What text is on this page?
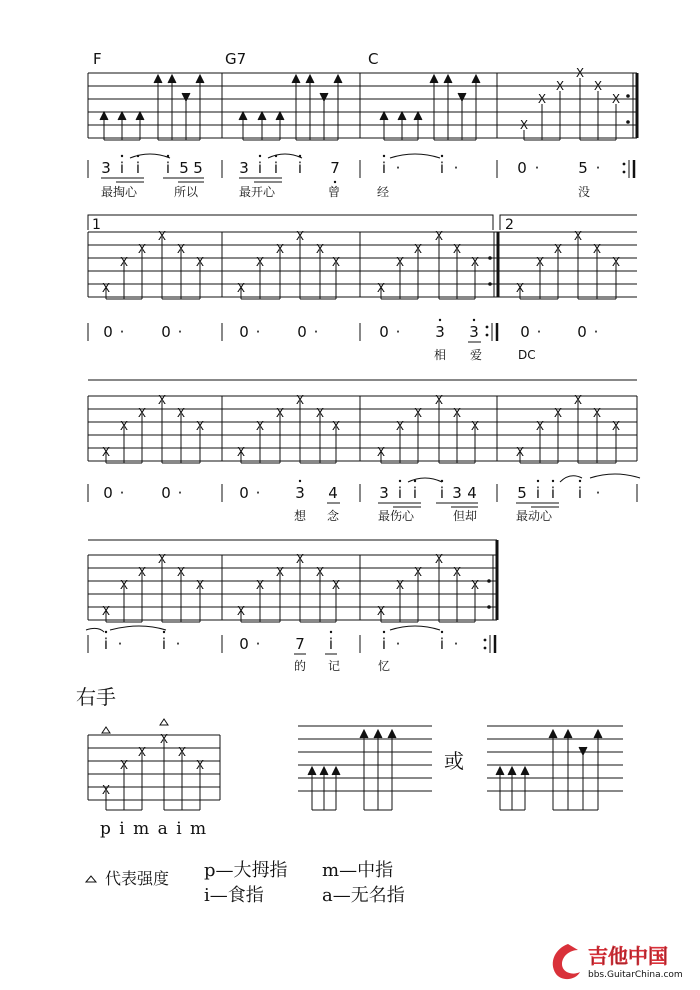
F	G7	C
X
X
X
X
X
X
3 i i i 5 5 3 i i i 7	i ·	i ·	0 ·	5 ·
最掏心	所以	最开心	曾	经	没
1	2
X
X
X
X
X
X
X
X
X
X
X
X
X
X
X
X
X
X
X
X
X
X
X
X
0 · 0 ·	0 · 0 ·	0 · 3 3	0 · 0 ·
相 爱	DC
X
X
X
X
X
X
X
X
X
X
X
X
X
X
X
X
X
X
X
X
X
X
X
X
0 · 0 ·	0 · 3 4	3 i i i 3 4	5 i i i ·
想 念	最伤心	但却	最动心
X
X
X
X
X
X
X
X
X
X
X
X
X
X
X
X
X
X
i ·	i ·	0 · 7 i	i ·	i ·
的 记	忆
右手
X
X
X
X
X
X
p i m a i m
或
代表强度 p—大拇指 m—中指
i—食指	a—无名指
吉他中国
bbs.GuitarChina.com
